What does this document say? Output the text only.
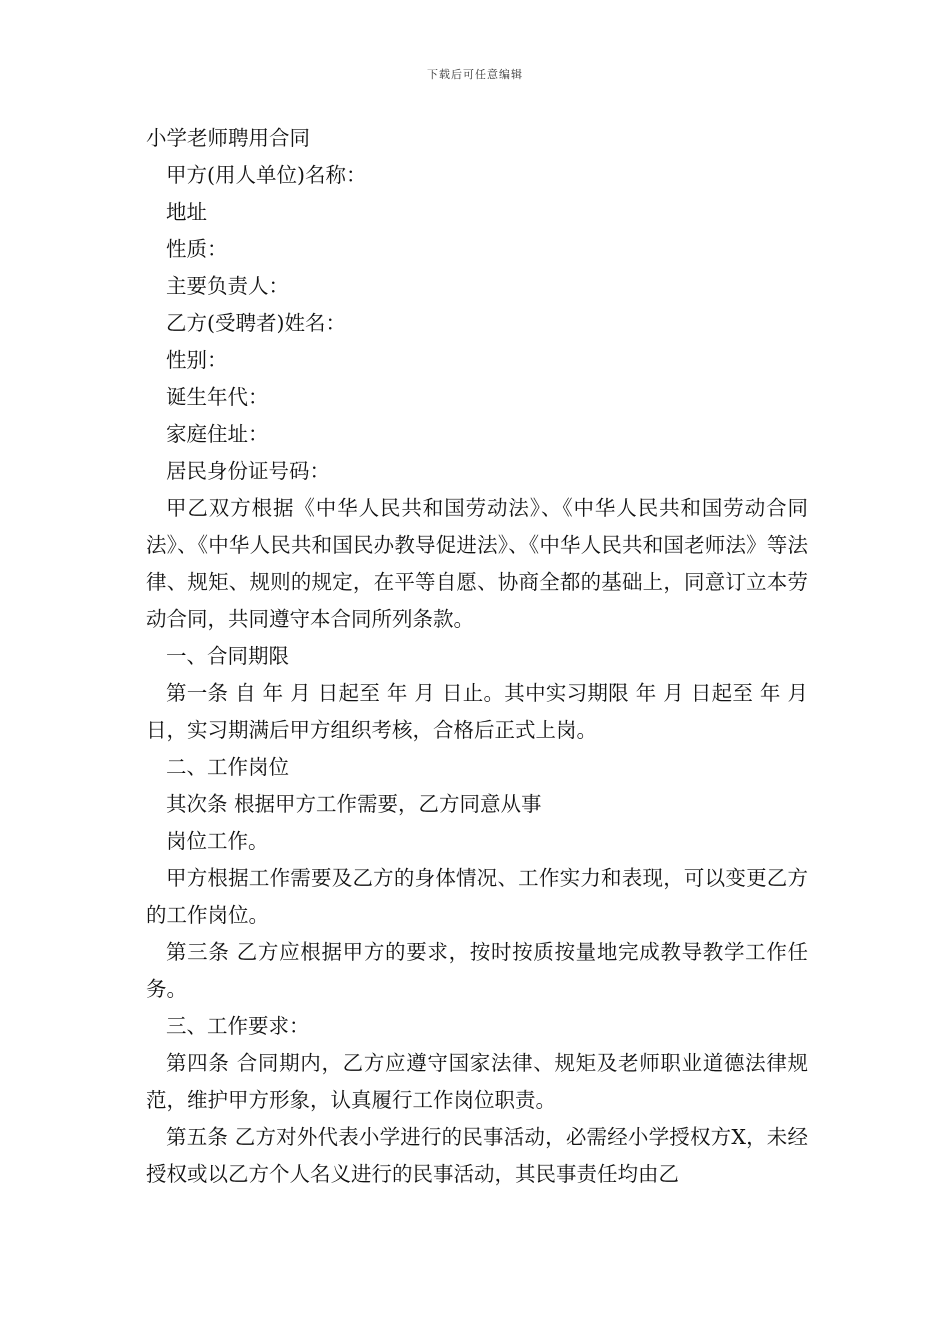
下载后可任意编辑

小学老师聘用合同

甲方(用人单位)名称：

地址

性质：

主要负责人：

乙方(受聘者)姓名：

性别：

诞生年代：

家庭住址：

居民身份证号码：

甲乙双方根据《中华人民共和国劳动法》、《中华人民共和国劳动合同法》、《中华人民共和国民办教导促进法》、《中华人民共和国老师法》等法律、规矩、规则的规定，在平等自愿、协商全都的基础上，同意订立本劳动合同，共同遵守本合同所列条款。

一、合同期限

第一条 自 年 月 日起至 年 月 日止。其中实习期限 年 月 日起至 年 月 日，实习期满后甲方组织考核，合格后正式上岗。

二、工作岗位

其次条 根据甲方工作需要，乙方同意从事

岗位工作。

甲方根据工作需要及乙方的身体情况、工作实力和表现，可以变更乙方的工作岗位。

第三条 乙方应根据甲方的要求，按时按质按量地完成教导教学工作任务。

三、工作要求：

第四条 合同期内，乙方应遵守国家法律、规矩及老师职业道德法律规范，维护甲方形象，认真履行工作岗位职责。

第五条 乙方对外代表小学进行的民事活动，必需经小学授权方X，未经授权或以乙方个人名义进行的民事活动，其民事责任均由乙
